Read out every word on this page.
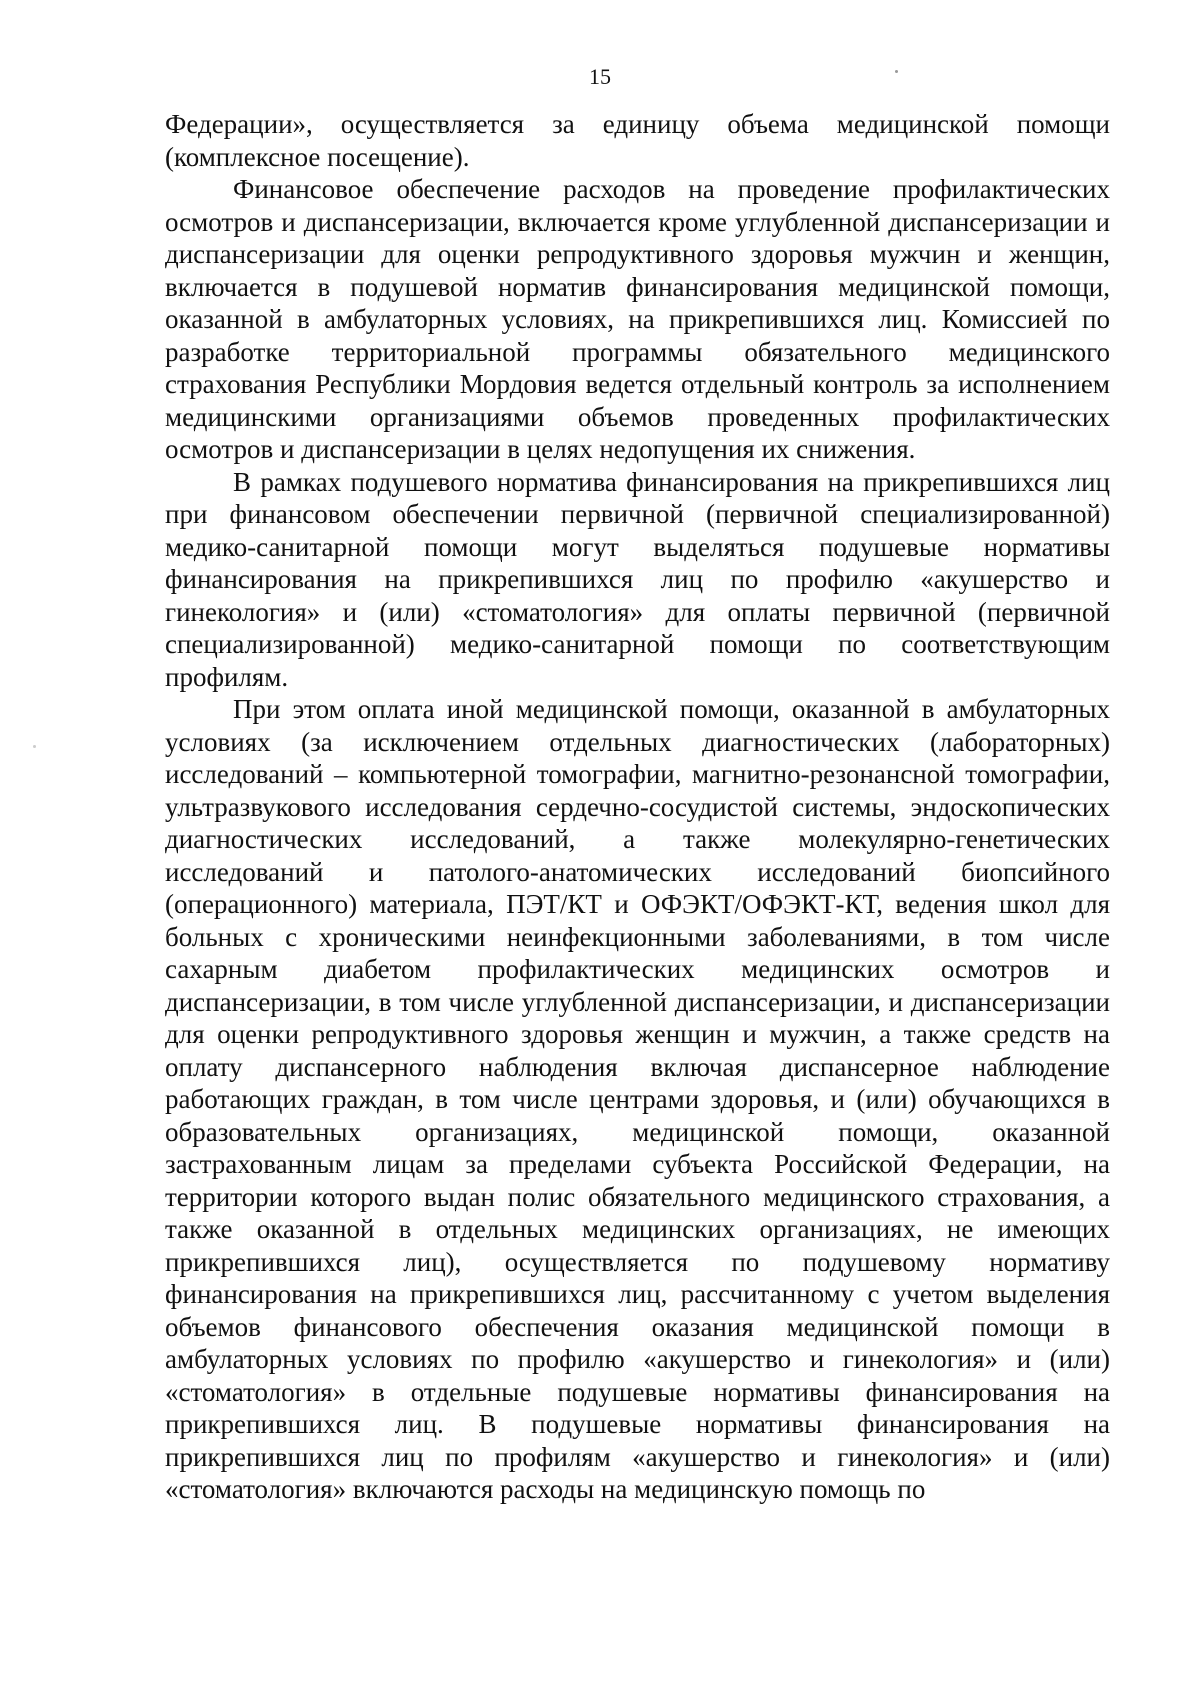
15

Федерации», осуществляется за единицу объема медицинской помощи (комплексное посещение).

Финансовое обеспечение расходов на проведение профилактических осмотров и диспансеризации, включается кроме углубленной диспансеризации и диспансеризации для оценки репродуктивного здоровья мужчин и женщин, включается в подушевой норматив финансирования медицинской помощи, оказанной в амбулаторных условиях, на прикрепившихся лиц. Комиссией по разработке территориальной программы обязательного медицинского страхования Республики Мордовия ведется отдельный контроль за исполнением медицинскими организациями объемов проведенных профилактических осмотров и диспансеризации в целях недопущения их снижения.

В рамках подушевого норматива финансирования на прикрепившихся лиц при финансовом обеспечении первичной (первичной специализированной) медико-санитарной помощи могут выделяться подушевые нормативы финансирования на прикрепившихся лиц по профилю «акушерство и гинекология» и (или) «стоматология» для оплаты первичной (первичной специализированной) медико-санитарной помощи по соответствующим профилям.

При этом оплата иной медицинской помощи, оказанной в амбулаторных условиях (за исключением отдельных диагностических (лабораторных) исследований – компьютерной томографии, магнитно-резонансной томографии, ультразвукового исследования сердечно-сосудистой системы, эндоскопических диагностических исследований, а также молекулярно-генетических исследований и патолого-анатомических исследований биопсийного (операционного) материала, ПЭТ/КТ и ОФЭКТ/ОФЭКТ-КТ, ведения школ для больных с хроническими неинфекционными заболеваниями, в том числе сахарным диабетом профилактических медицинских осмотров и диспансеризации, в том числе углубленной диспансеризации, и диспансеризации для оценки репродуктивного здоровья женщин и мужчин, а также средств на оплату диспансерного наблюдения включая диспансерное наблюдение работающих граждан, в том числе центрами здоровья, и (или) обучающихся в образовательных организациях, медицинской помощи, оказанной застрахованным лицам за пределами субъекта Российской Федерации, на территории которого выдан полис обязательного медицинского страхования, а также оказанной в отдельных медицинских организациях, не имеющих прикрепившихся лиц), осуществляется по подушевому нормативу финансирования на прикрепившихся лиц, рассчитанному с учетом выделения объемов финансового обеспечения оказания медицинской помощи в амбулаторных условиях по профилю «акушерство и гинекология» и (или) «стоматология» в отдельные подушевые нормативы финансирования на прикрепившихся лиц. В подушевые нормативы финансирования на прикрепившихся лиц по профилям «акушерство и гинекология» и (или) «стоматология» включаются расходы на медицинскую помощь по
